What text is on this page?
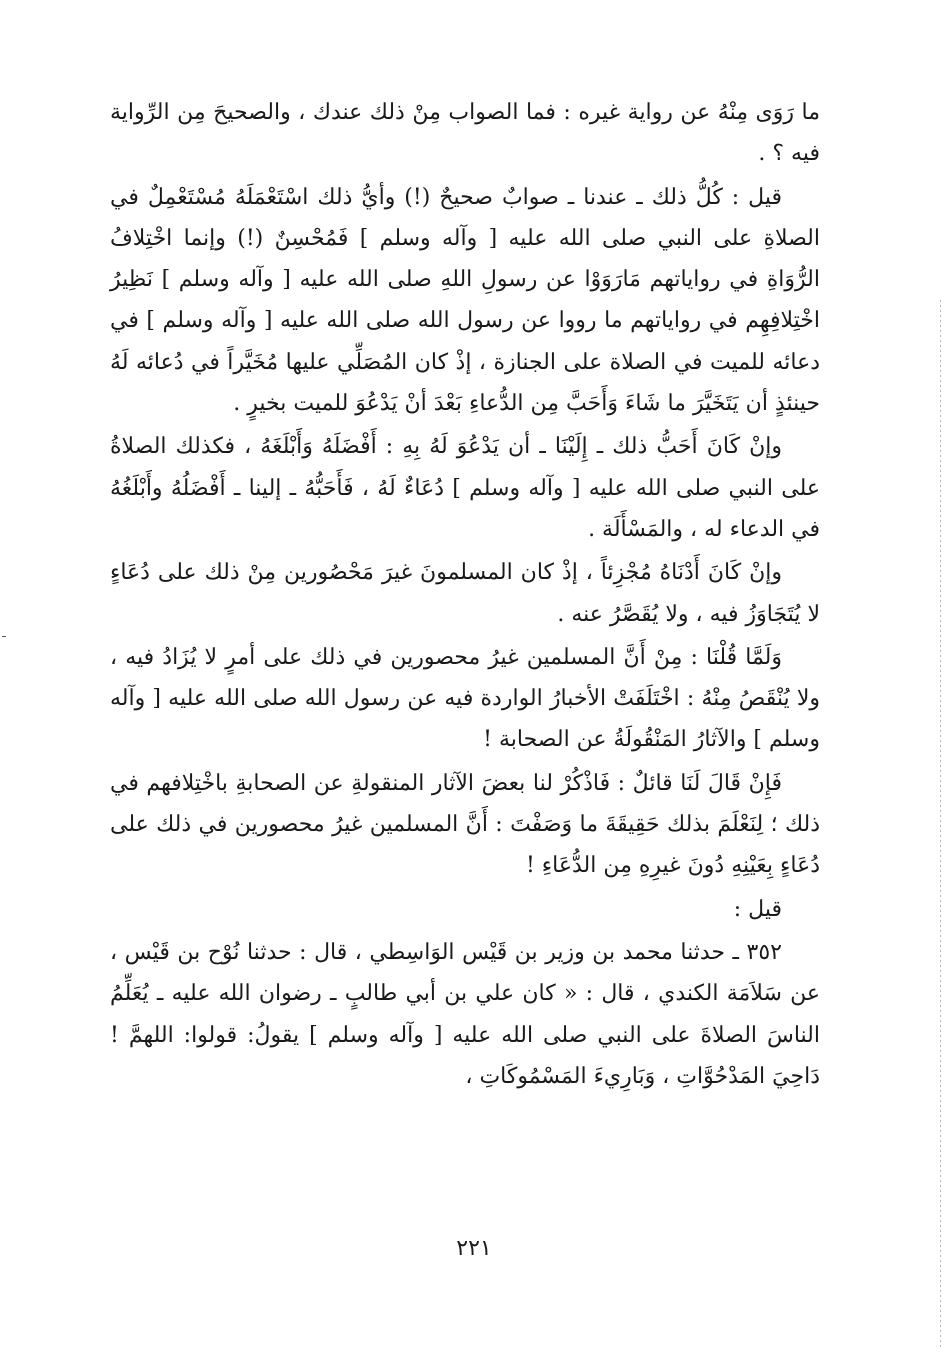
ما رَوَى مِنْهُ عن رواية غيره : فما الصواب مِنْ ذلك عندك ، والصحيحَ مِن الرِّواية فيه ؟ .

قيل : كُلُّ ذلك ـ عندنا ـ صوابٌ صحيحٌ (!) وأيُّ ذلك اسْتَعْمَلَهُ مُسْتَعْمِلٌ في الصلاةِ على النبي صلى الله عليه [ وآله وسلم ] فَمُحْسِنٌ (!) وإنما اخْتِلافُ الرُّوَاةِ في رواياتهم مَارَوَوْا عن رسولِ اللهِ صلى الله عليه [ وآله وسلم ] نَظِيرُ اخْتِلافِهِم في رواياتهم ما رووا عن رسول الله صلى الله عليه [ وآله وسلم ] في دعائه للميت في الصلاة على الجنازة ، إذْ كان المُصَلِّي عليها مُخَيَّراً في دُعائه لَهُ حينئذٍ أن يَتَخَيَّرَ ما شَاءَ وَأَحَبَّ مِن الدُّعاءِ بَعْدَ أنْ يَدْعُوَ للميت بخيرٍ .

وإنْ كَانَ أَحَبُّ ذلك ـ إِلَيْنَا ـ أن يَدْعُوَ لَهُ بِهِ : أَفْضَلَهُ وَأَبْلَغَهُ ، فكذلك الصلاةُ على النبي صلى الله عليه [ وآله وسلم ] دُعَاءٌ لَهُ ، فَأَحَبُّهُ ـ إلينا ـ أَفْضَلُهُ وأَبْلَغُهُ في الدعاء له ، والمَسْأَلَة .

وإنْ كَانَ أَدْنَاهُ مُجْزِئاً ، إذْ كان المسلمونَ غيرَ مَحْصُورين مِنْ ذلك على دُعَاءٍ لا يُتَجَاوَزُ فيه ، ولا يُقَصَّرُ عنه .

وَلَمَّا قُلْنَا : مِنْ أَنَّ المسلمين غيرُ محصورين في ذلك على أمرٍ لا يُزَادُ فيه ، ولا يُنْقَصُ مِنْهُ : اخْتَلَفَتْ الأخبارُ الواردة فيه عن رسول الله صلى الله عليه [ وآله وسلم ] والآثارُ المَنْقُولَةُ عن الصحابة !

فَإِنْ قَالَ لَنَا قائلٌ : فَاذْكُرْ لنا بعضَ الآثار المنقولةِ عن الصحابةِ باخْتِلافهم في ذلك ؛ لِنَعْلَمَ بذلك حَقِيقَةَ ما وَصَفْتَ : أَنَّ المسلمين غيرُ محصورين في ذلك على دُعَاءٍ بِعَيْنِهِ دُونَ غيرِهِ مِن الدُّعَاءِ !

قيل :

٣٥٢ ـ حدثنا محمد بن وزير بن قَيْس الوَاسِطي ، قال : حدثنا نُوْح بن قَيْس ، عن سَلاَمَة الكندي ، قال : « كان علي بن أبي طالبٍ ـ رضوان الله عليه ـ يُعَلِّمُ الناسَ الصلاةَ على النبي صلى الله عليه [ وآله وسلم ] يقولُ: قولوا: اللهمَّ ! دَاحِيَ المَدْحُوَّاتِ ، وَبَارِيءَ المَسْمُوكَاتِ ،

٢٢١
